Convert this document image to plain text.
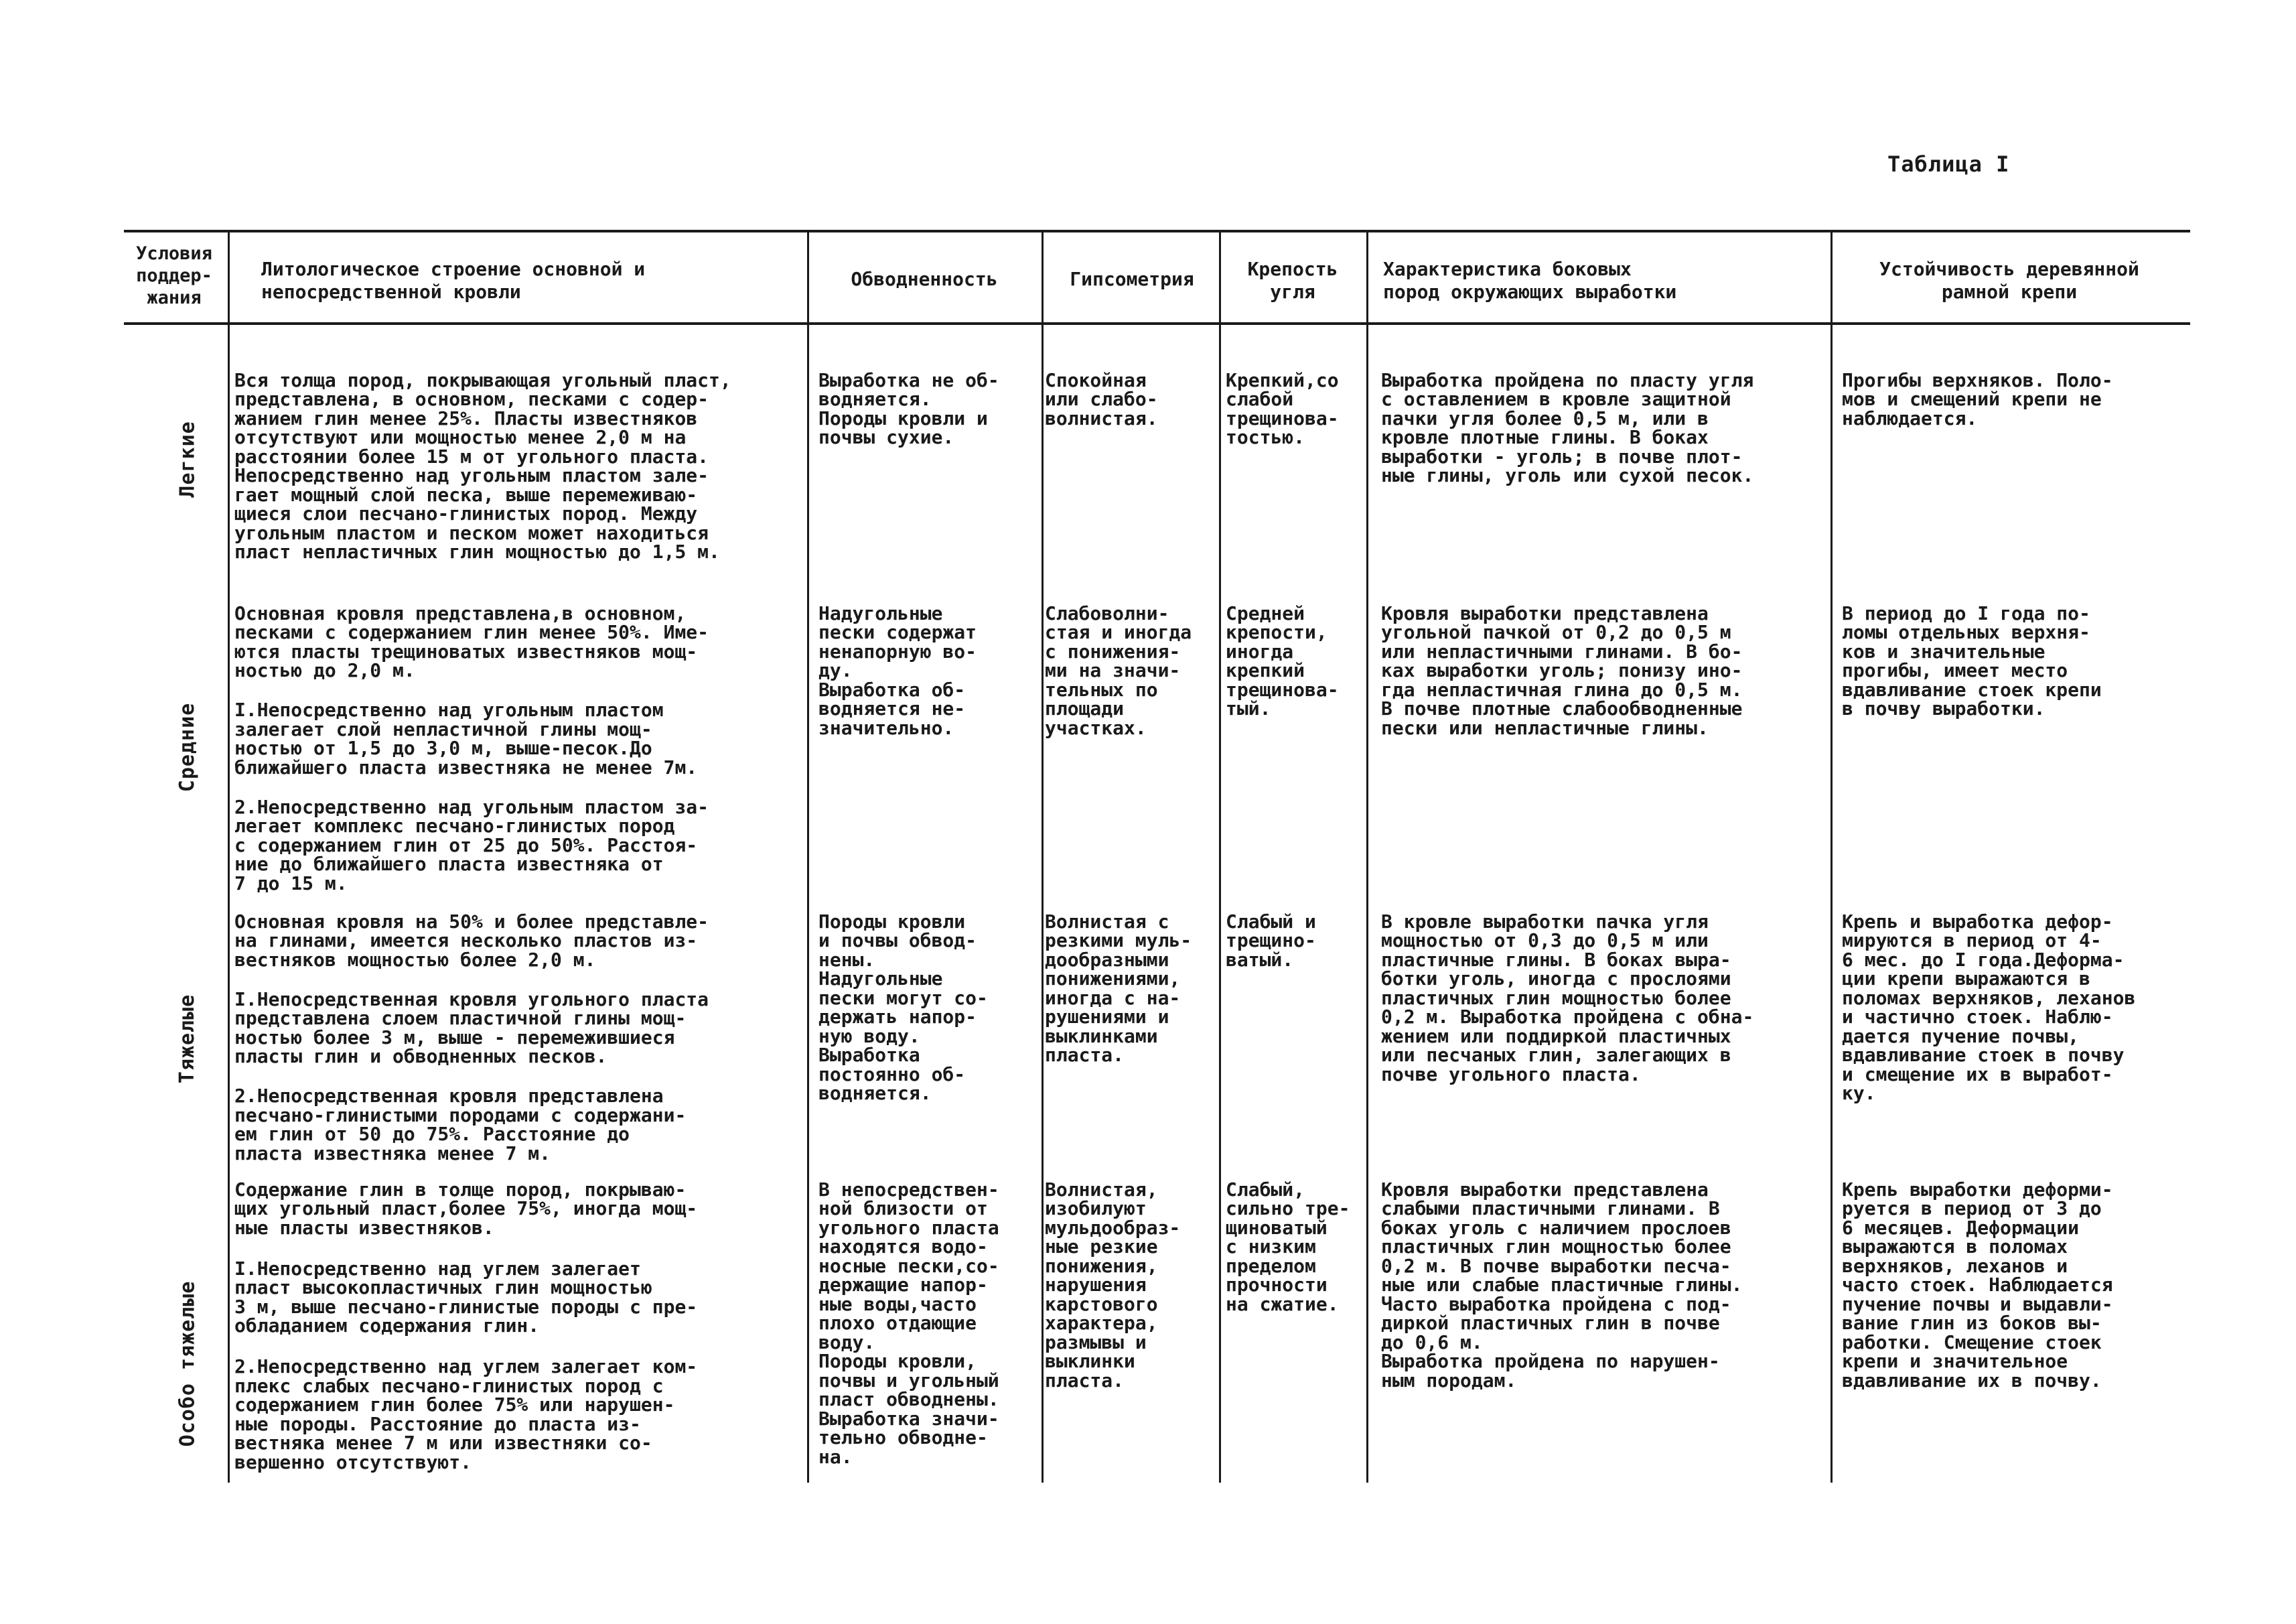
Таблица I
Условия
поддер-
жания
Литологическое строение основной и
непосредственной кровли
Обводненность	Гипсометрия	Крепость
угля
Характеристика боковых
пород окружающих выработки
Устойчивость деревянной
рамной крепи
Легкие

Вся толща пород, покрывающая угольный пласт,
представлена, в основном, песками с содер-
жанием глин менее 25%. Пласты известняков
отсутствуют или мощностью менее 2,0 м на
расстоянии более 15 м от угольного пласта.
Непосредственно над угольным пластом зале-
гает мощный слой песка, выше перемеживаю-
щиеся слои песчано-глинистых пород. Между
угольным пластом и песком может находиться
пласт непластичных глин мощностью до 1,5 м.

Выработка не об-
водняется.
Породы кровли и
почвы сухие.

Спокойная
или слабо-
волнистая.

Крепкий,со
слабой
трещинова-
тостью.

Выработка пройдена по пласту угля
с оставлением в кровле защитной
пачки угля более 0,5 м, или в
кровле плотные глины. В боках
выработки - уголь; в почве плот-
ные глины, уголь или сухой песок.

Прогибы верхняков. Поло-
мов и смещений крепи не
наблюдается.

Средние

Основная кровля представлена,в основном,
песками с содержанием глин менее 50%. Име-
ются пласты трещиноватых известняков мощ-
ностью до 2,0 м.

I.Непосредственно над угольным пластом
залегает слой непластичной глины мощ-
ностью от 1,5 до 3,0 м, выше-песок.До
ближайшего пласта известняка не менее 7м.

2.Непосредственно над угольным пластом за-
легает комплекс песчано-глинистых пород
с содержанием глин от 25 до 50%. Расстоя-
ние до ближайшего пласта известняка от
7 до 15 м.

Надугольные
пески содержат
ненапорную во-
ду.
Выработка об-
водняется не-
значительно.

Слабоволни-
стая и иногда
с понижения-
ми на значи-
тельных по
площади
участках.

Средней
крепости,
иногда
крепкий
трещинова-
тый.

Кровля выработки представлена
угольной пачкой от 0,2 до 0,5 м
или непластичными глинами. В бо-
ках выработки уголь; понизу ино-
гда непластичная глина до 0,5 м.
В почве плотные слабообводненные
пески или непластичные глины.

В период до I года по-
ломы отдельных верхня-
ков и значительные
прогибы, имеет место
вдавливание стоек крепи
в почву выработки.

Тяжелые

Основная кровля на 50% и более представле-
на глинами, имеется несколько пластов из-
вестняков мощностью более 2,0 м.

I.Непосредственная кровля угольного пласта
представлена слоем пластичной глины мощ-
ностью более 3 м, выше - перемежившиеся
пласты глин и обводненных песков.

2.Непосредственная кровля представлена
песчано-глинистыми породами с содержани-
ем глин от 50 до 75%. Расстояние до
пласта известняка менее 7 м.

Породы кровли
и почвы обвод-
нены.
Надугольные
пески могут со-
держать напор-
ную воду.
Выработка
постоянно об-
водняется.

Волнистая с
резкими муль-
дообразными
понижениями,
иногда с на-
рушениями и
выклинками
пласта.

Слабый и
трещино-
ватый.

В кровле выработки пачка угля
мощностью от 0,3 до 0,5 м или
пластичные глины. В боках выра-
ботки уголь, иногда с прослоями
пластичных глин мощностью более
0,2 м. Выработка пройдена с обна-
жением или поддиркой пластичных
или песчаных глин, залегающих в
почве угольного пласта.

Крепь и выработка дефор-
мируются в период от 4-
6 мес. до I года.Деформа-
ции крепи выражаются в
поломах верхняков, леханов
и частично стоек. Наблю-
дается пучение почвы,
вдавливание стоек в почву
и смещение их в выработ-
ку.

Особо тяжелые

Содержание глин в толще пород, покрываю-
щих угольный пласт,более 75%, иногда мощ-
ные пласты известняков.

I.Непосредственно над углем залегает
пласт высокопластичных глин мощностью
3 м, выше песчано-глинистые породы с пре-
обладанием содержания глин.

2.Непосредственно над углем залегает ком-
плекс слабых песчано-глинистых пород с
содержанием глин более 75% или нарушен-
ные породы. Расстояние до пласта из-
вестняка менее 7 м или известняки со-
вершенно отсутствуют.

В непосредствен-
ной близости от
угольного пласта
находятся водо-
носные пески,со-
держащие напор-
ные воды,часто
плохо отдающие
воду.
Породы кровли,
почвы и угольный
пласт обводнены.
Выработка значи-
тельно обводне-
на.

Волнистая,
изобилуют
мульдообраз-
ные резкие
понижения,
нарушения
карстового
характера,
размывы и
выклинки
пласта.

Слабый,
сильно тре-
щиноватый
с низким
пределом
прочности
на сжатие.

Кровля выработки представлена
слабыми пластичными глинами. В
боках уголь с наличием прослоев
пластичных глин мощностью более
0,2 м. В почве выработки песча-
ные или слабые пластичные глины.
Часто выработка пройдена с под-
диркой пластичных глин в почве
до 0,6 м.
Выработка пройдена по нарушен-
ным породам.

Крепь выработки деформи-
руется в период от 3 до
6 месяцев. Деформации
выражаются в поломах
верхняков, леханов и
часто стоек. Наблюдается
пучение почвы и выдавли-
вание глин из боков вы-
работки. Смещение стоек
крепи и значительное
вдавливание их в почву.
